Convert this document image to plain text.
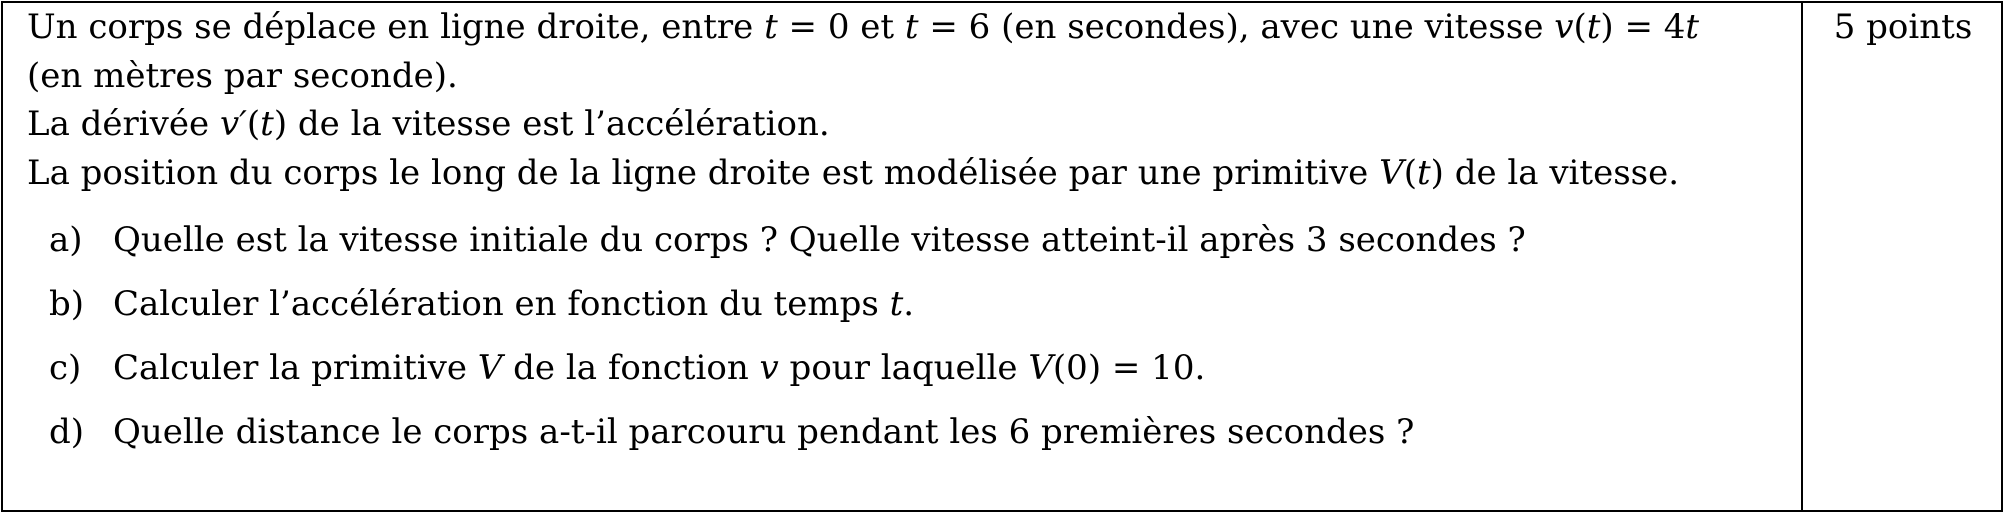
Un corps se déplace en ligne droite, entre t = 0 et t = 6 (en secondes), avec une vitesse v(t) = 4t
(en mètres par seconde).
La dérivée v′(t) de la vitesse est l’accélération.
La position du corps le long de la ligne droite est modélisée par une primitive V(t) de la vitesse.
a) Quelle est la vitesse initiale du corps ? Quelle vitesse atteint-il après 3 secondes ?
b) Calculer l’accélération en fonction du temps t.
c) Calculer la primitive V de la fonction v pour laquelle V(0) = 10.
d) Quelle distance le corps a-t-il parcouru pendant les 6 premières secondes ?
5 points
